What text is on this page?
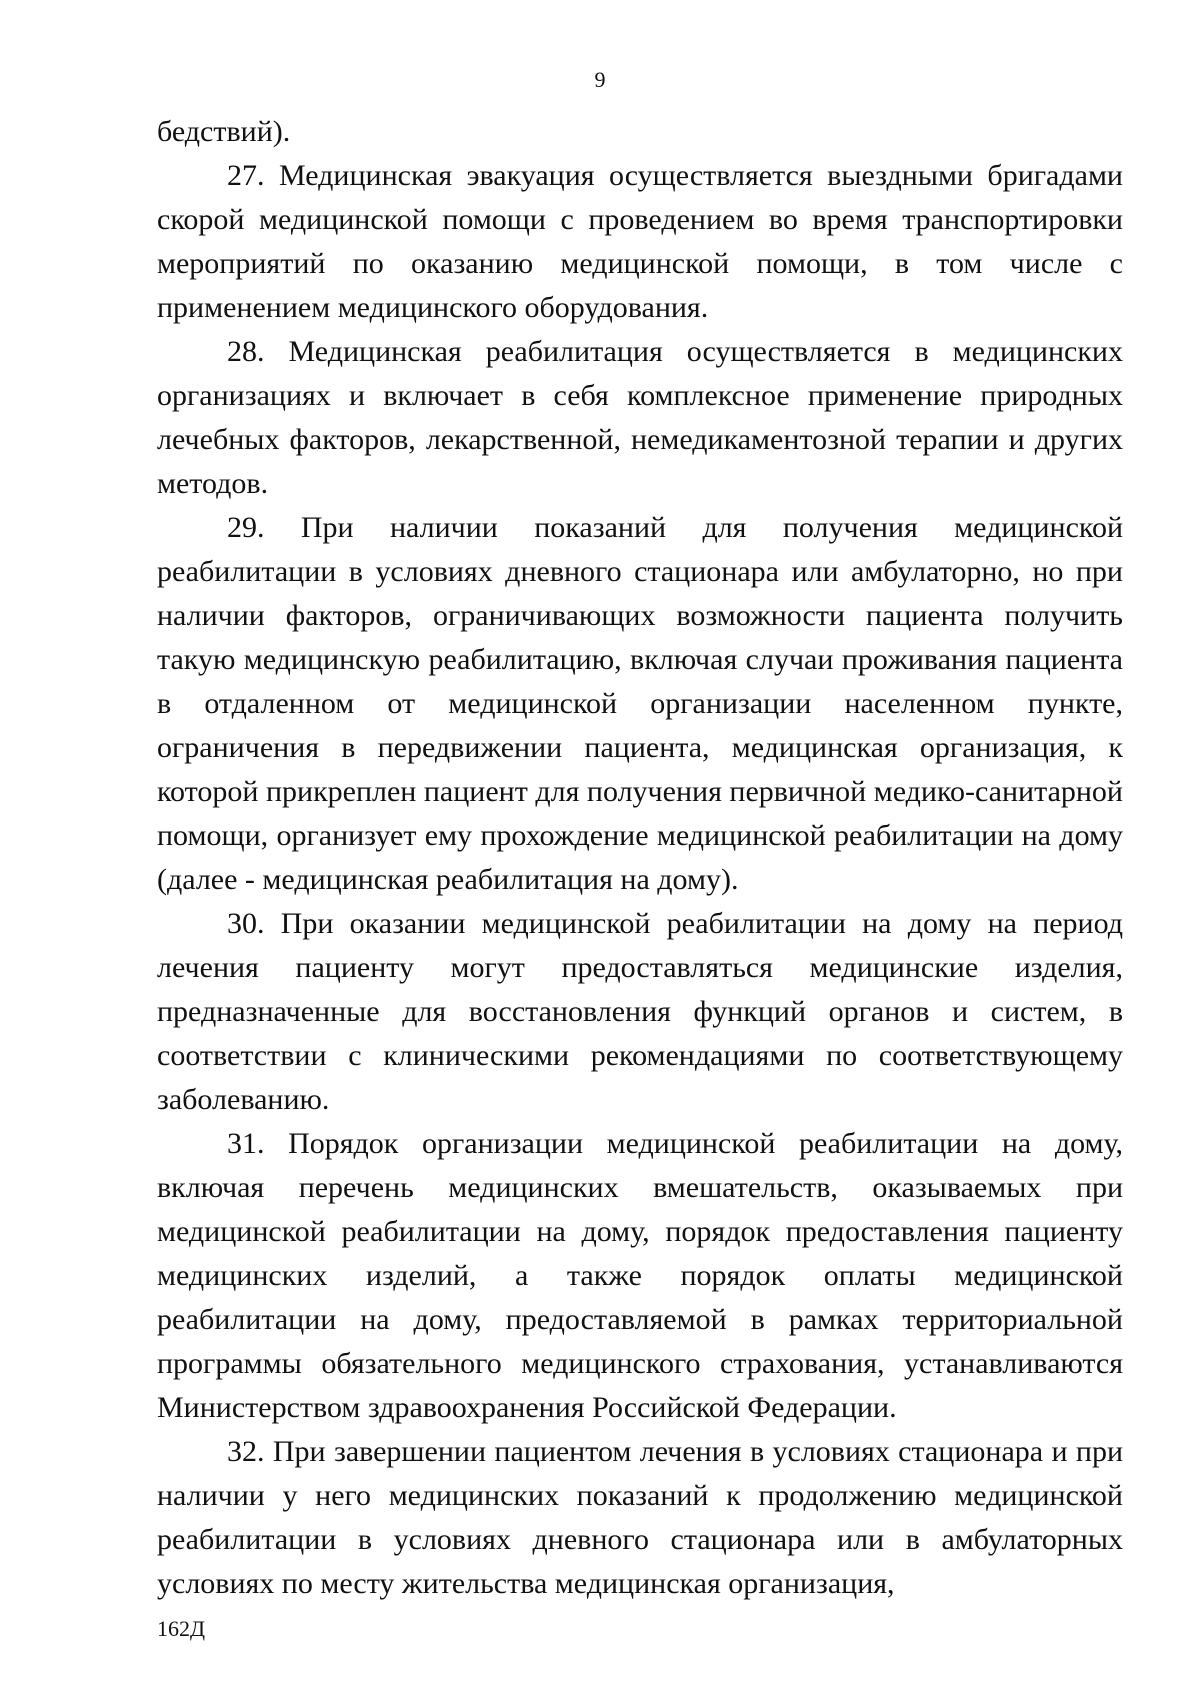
9

бедствий).

27. Медицинская эвакуация осуществляется выездными бригадами скорой медицинской помощи с проведением во время транспортировки мероприятий по оказанию медицинской помощи, в том числе с применением медицинского оборудования.

28. Медицинская реабилитация осуществляется в медицинских организациях и включает в себя комплексное применение природных лечебных факторов, лекарственной, немедикаментозной терапии и других методов.

29. При наличии показаний для получения медицинской реабилитации в условиях дневного стационара или амбулаторно, но при наличии факторов, ограничивающих возможности пациента получить такую медицинскую реабилитацию, включая случаи проживания пациента в отдаленном от медицинской организации населенном пункте, ограничения в передвижении пациента, медицинская организация, к которой прикреплен пациент для получения первичной медико-санитарной помощи, организует ему прохождение медицинской реабилитации на дому (далее - медицинская реабилитация на дому).

30. При оказании медицинской реабилитации на дому на период лечения пациенту могут предоставляться медицинские изделия, предназначенные для восстановления функций органов и систем, в соответствии с клиническими рекомендациями по соответствующему заболеванию.

31. Порядок организации медицинской реабилитации на дому, включая перечень медицинских вмешательств, оказываемых при медицинской реабилитации на дому, порядок предоставления пациенту медицинских изделий, а также порядок оплаты медицинской реабилитации на дому, предоставляемой в рамках территориальной программы обязательного медицинского страхования, устанавливаются Министерством здравоохранения Российской Федерации.

32. При завершении пациентом лечения в условиях стационара и при наличии у него медицинских показаний к продолжению медицинской реабилитации в условиях дневного стационара или в амбулаторных условиях по месту жительства медицинская организация,

162Д
